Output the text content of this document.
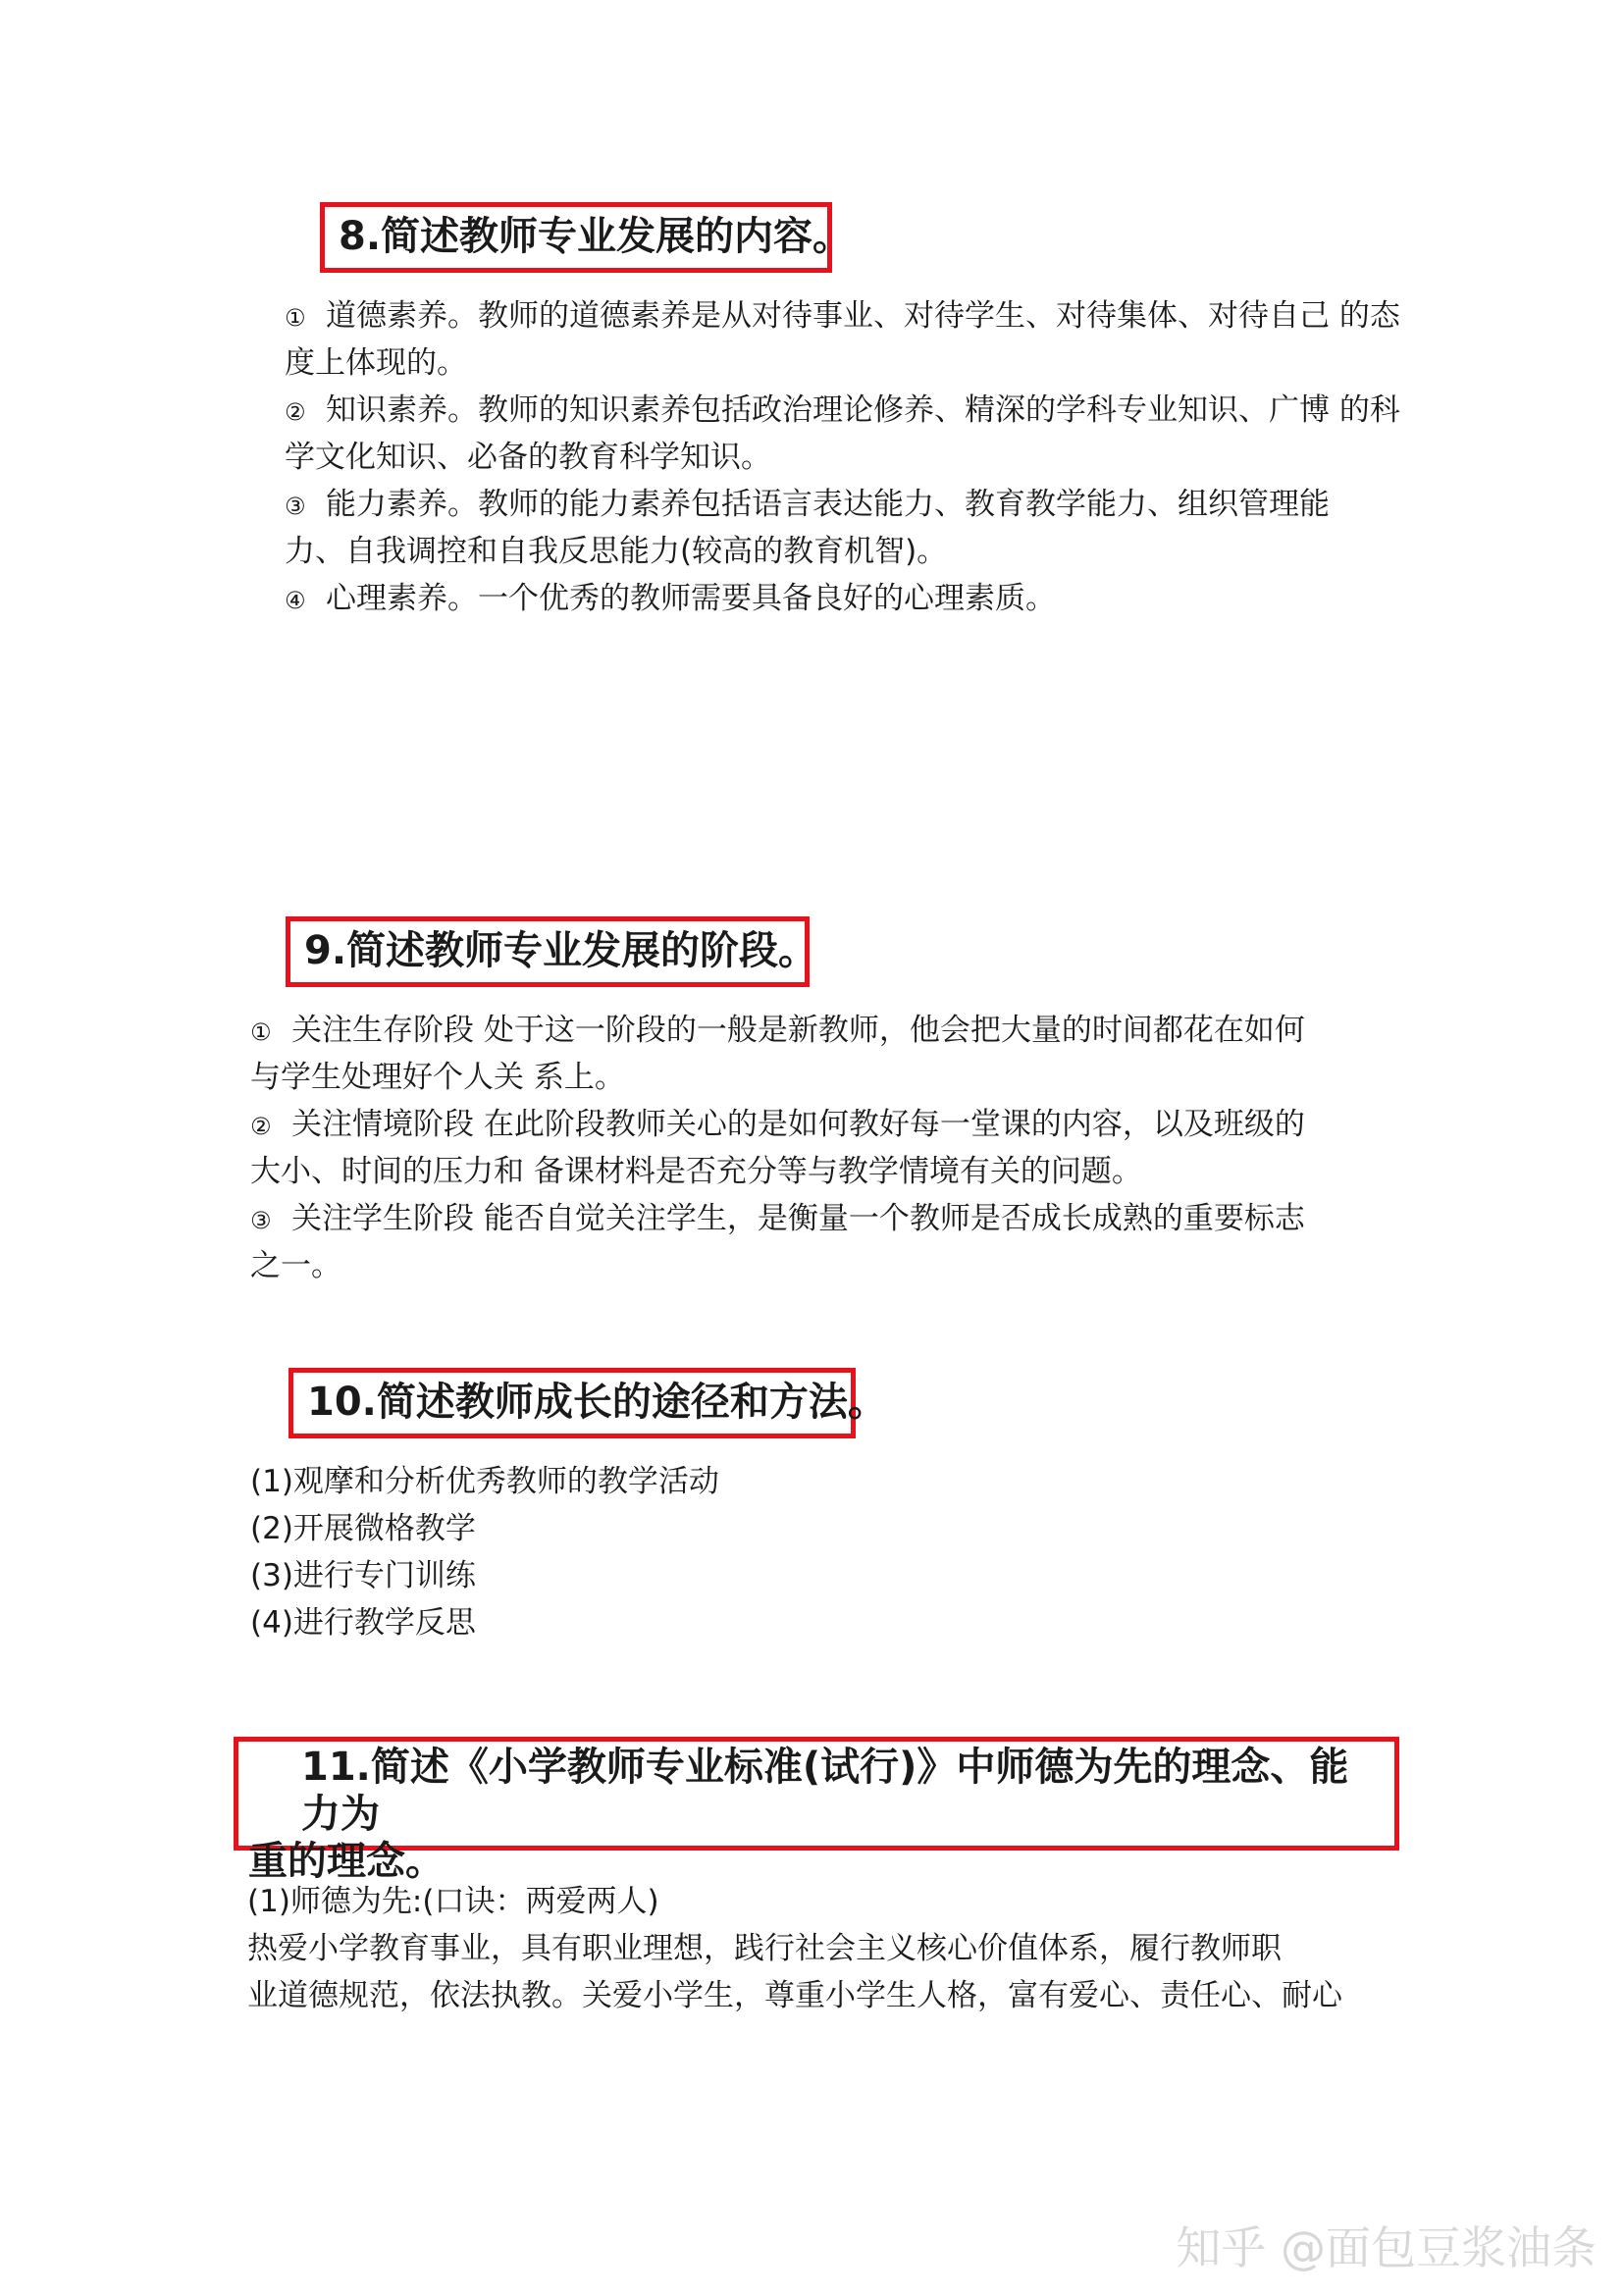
8.简述教师专业发展的内容。
① 道德素养。教师的道德素养是从对待事业、对待学生、对待集体、对待自己 的态
度上体现的。
② 知识素养。教师的知识素养包括政治理论修养、精深的学科专业知识、广博 的科
学文化知识、必备的教育科学知识。
③ 能力素养。教师的能力素养包括语言表达能力、教育教学能力、组织管理能
力、自我调控和自我反思能力(较高的教育机智)。
④ 心理素养。一个优秀的教师需要具备良好的心理素质。
9.简述教师专业发展的阶段。
① 关注生存阶段 处于这一阶段的一般是新教师，他会把大量的时间都花在如何
与学生处理好个人关 系上。
② 关注情境阶段 在此阶段教师关心的是如何教好每一堂课的内容，以及班级的
大小、时间的压力和 备课材料是否充分等与教学情境有关的问题。
③ 关注学生阶段 能否自觉关注学生，是衡量一个教师是否成长成熟的重要标志
之一。
10.简述教师成长的途径和方法。
(1)观摩和分析优秀教师的教学活动
(2)开展微格教学
(3)进行专门训练
(4)进行教学反思
11.简述《小学教师专业标准(试行)》中师德为先的理念、能力为
重的理念。
(1)师德为先:(口诀：两爱两人)
热爱小学教育事业，具有职业理想，践行社会主义核心价值体系，履行教师职
业道德规范，依法执教。关爱小学生，尊重小学生人格，富有爱心、责任心、耐心
知乎 @面包豆浆油条
